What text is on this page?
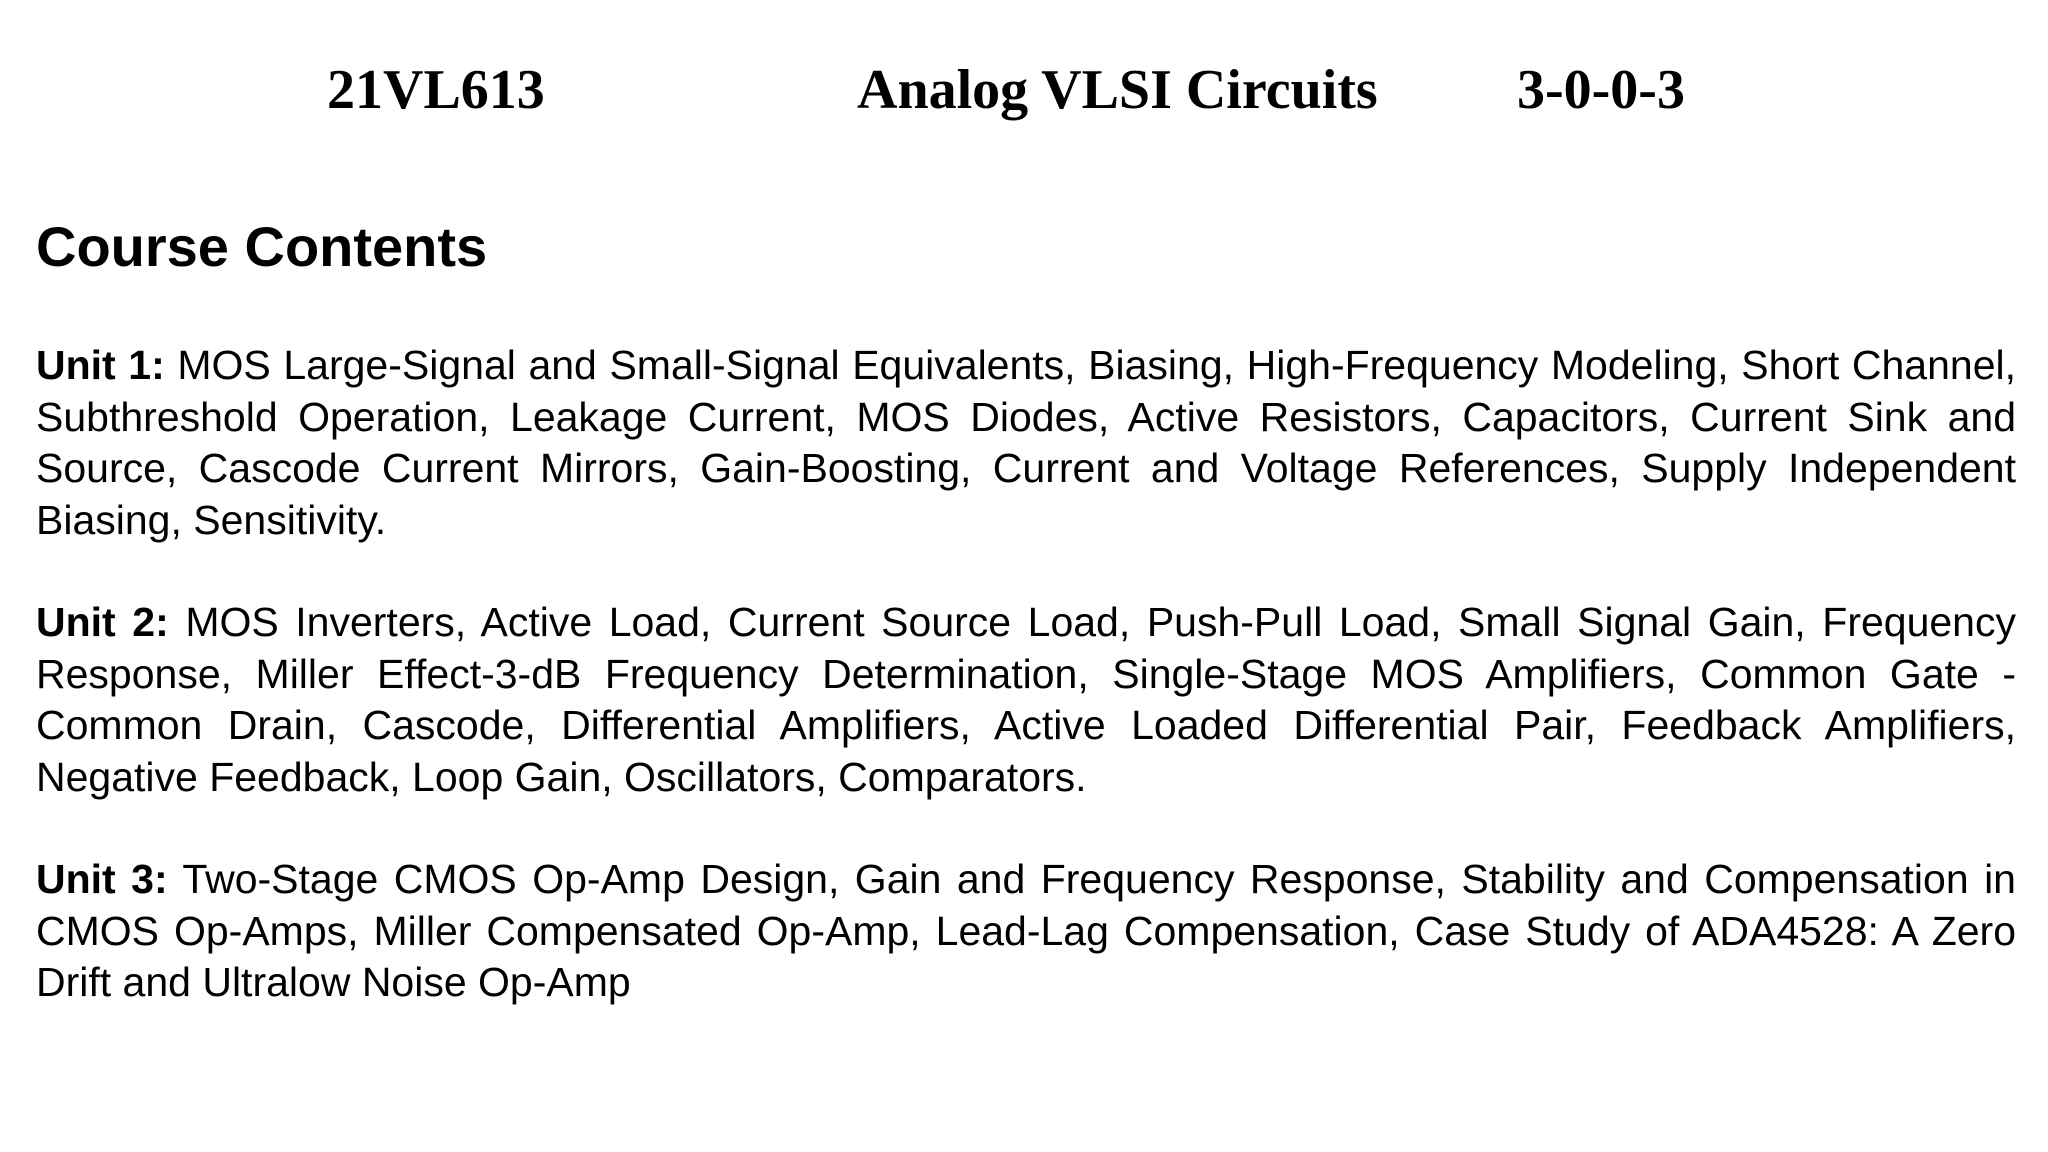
21VL613	Analog VLSI Circuits 3-0-0-3
Course Contents

Unit 1: MOS Large-Signal and Small-Signal Equivalents, Biasing, High-Frequency Modeling, Short Channel, Subthreshold Operation, Leakage Current, MOS Diodes, Active Resistors, Capacitors, Current Sink and Source, Cascode Current Mirrors, Gain-Boosting, Current and Voltage References, Supply Independent Biasing, Sensitivity.

Unit 2: MOS Inverters, Active Load, Current Source Load, Push-Pull Load, Small Signal Gain, Frequency Response, Miller Effect-3-dB Frequency Determination, Single-Stage MOS Amplifiers, Common Gate - Common Drain, Cascode, Differential Amplifiers, Active Loaded Differential Pair, Feedback Amplifiers, Negative Feedback, Loop Gain, Oscillators, Comparators.

Unit 3: Two-Stage CMOS Op-Amp Design, Gain and Frequency Response, Stability and Compensation in CMOS Op-Amps, Miller Compensated Op-Amp, Lead-Lag Compensation, Case Study of ADA4528: A Zero Drift and Ultralow Noise Op-Amp
